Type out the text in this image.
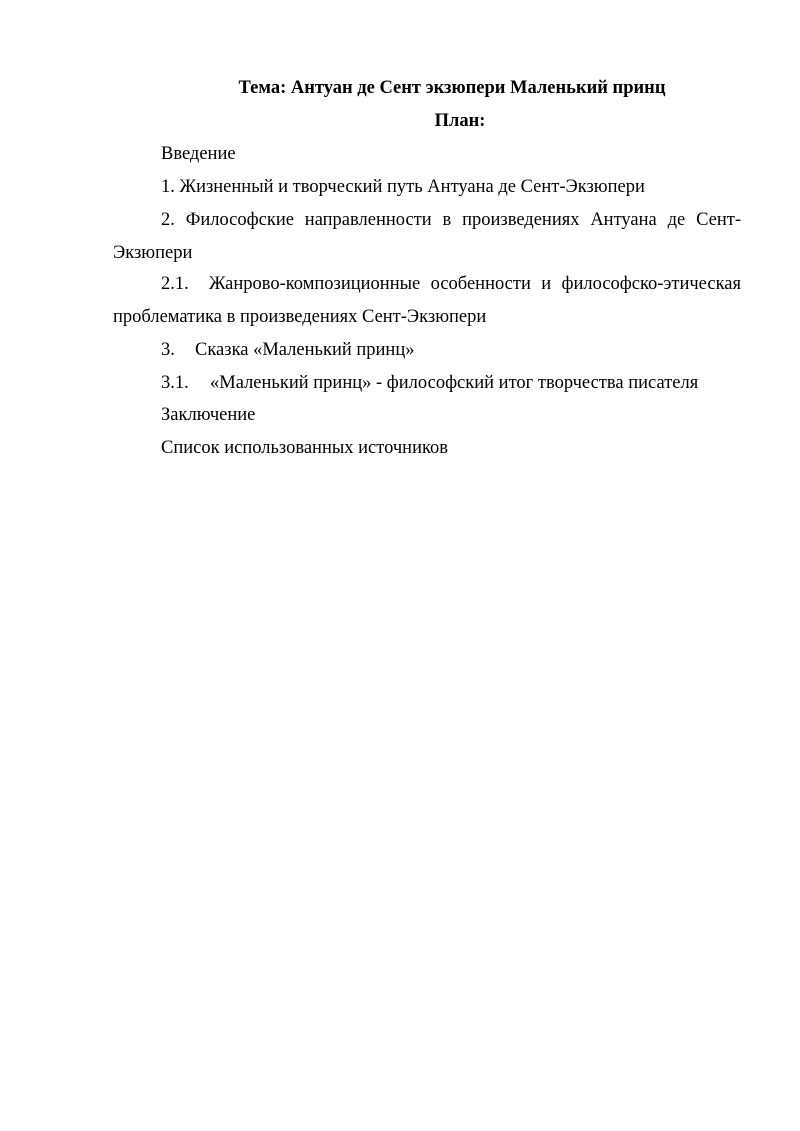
Тема: Антуан де Сент экзюпери Маленький принц
План:
Введение
1. Жизненный и творческий путь Антуана де Сент-Экзюпери
2. Философские направленности в произведениях Антуана де Сент-
Экзюпери
2.1. Жанрово-композиционные особенности и философско-этическая
проблематика в произведениях Сент-Экзюпери
3. Сказка «Маленький принц»
3.1. «Маленький принц» - философский итог творчества писателя
Заключение
Список использованных источников
